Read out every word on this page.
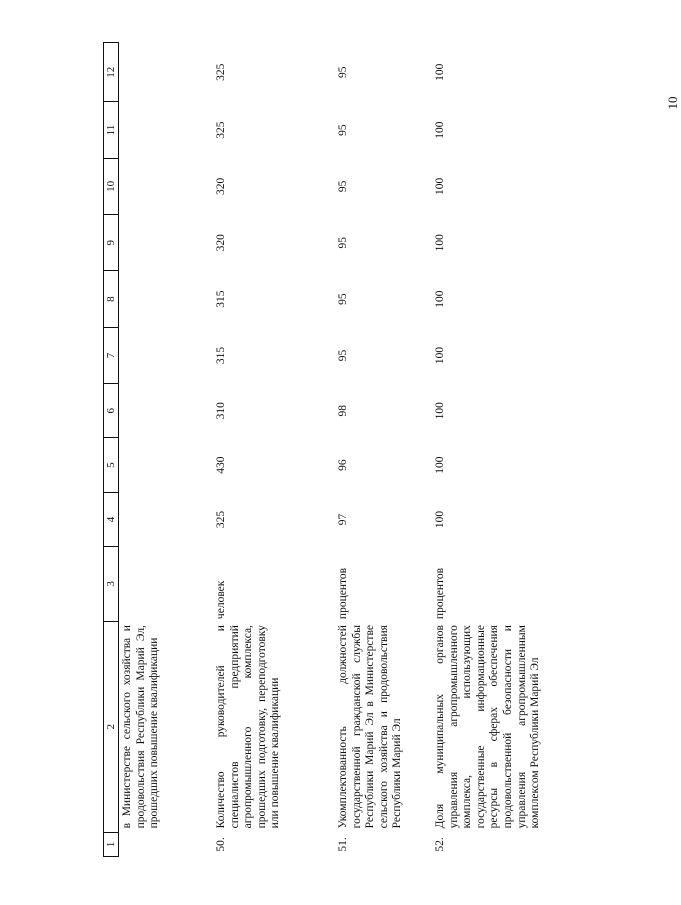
10
1	2	3	4	5	6	7	8	9	10	11	12
	в Министерстве сельского хозяйства и продовольствия Республики Марий Эл, прошедших повышение квалификации										
50.	Количество руководителей и специалистов предприятий агропромышленного комплекса, прошедших подготовку, переподготовку или повышение квалификации	человек	325	430	310	315	315	320	320	325	325
51.	Укомплектованность должностей государственной гражданской службы Республики Марий Эл в Министерстве сельского хозяйства и продовольствия Республики Марий Эл	процентов	97	96	98	95	95	95	95	95	95
52.	Доля муниципальных органов управления агропромышленного комплекса, использующих государственные информационные ресурсы в сферах обеспечения продовольственной безопасности и управления агропромышленным комплексом Республики Марий Эл	процентов	100	100	100	100	100	100	100	100	100
